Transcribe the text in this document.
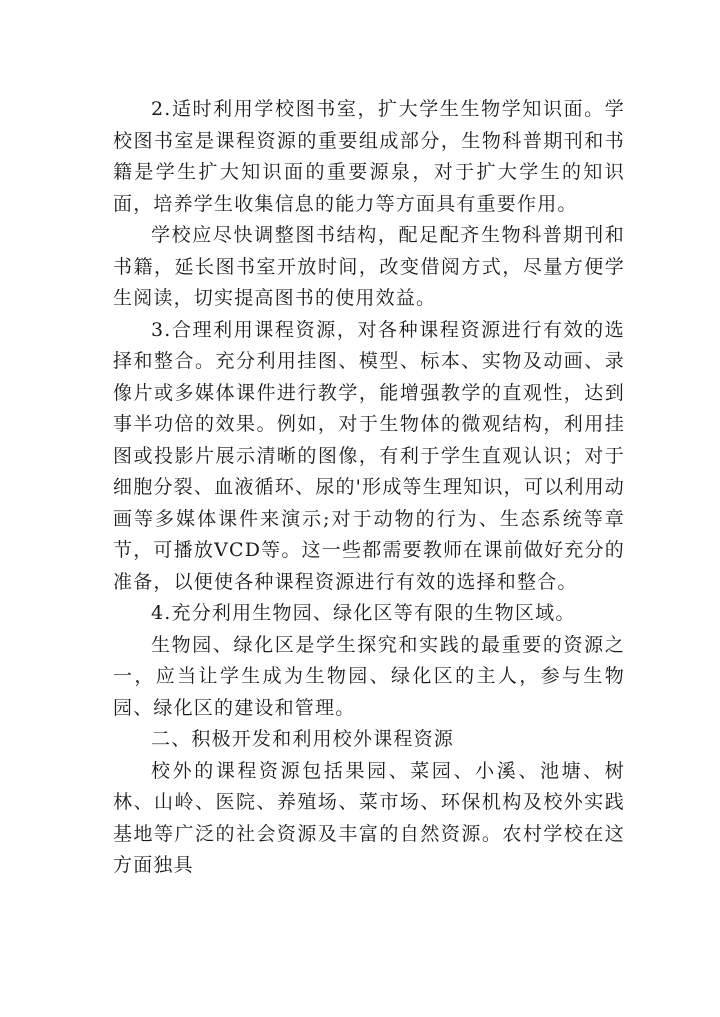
2.适时利用学校图书室，扩大学生生物学知识面。学校图书室是课程资源的重要组成部分，生物科普期刊和书籍是学生扩大知识面的重要源泉，对于扩大学生的知识面，培养学生收集信息的能力等方面具有重要作用。

学校应尽快调整图书结构，配足配齐生物科普期刊和书籍，延长图书室开放时间，改变借阅方式，尽量方便学生阅读，切实提高图书的使用效益。

3.合理利用课程资源，对各种课程资源进行有效的选择和整合。充分利用挂图、模型、标本、实物及动画、录像片或多媒体课件进行教学，能增强教学的直观性，达到事半功倍的效果。例如，对于生物体的微观结构，利用挂图或投影片展示清晰的图像，有利于学生直观认识；对于细胞分裂、血液循环、尿的'形成等生理知识，可以利用动画等多媒体课件来演示;对于动物的行为、生态系统等章节，可播放VCD等。这一些都需要教师在课前做好充分的准备，以便使各种课程资源进行有效的选择和整合。

4.充分利用生物园、绿化区等有限的生物区域。

生物园、绿化区是学生探究和实践的最重要的资源之一，应当让学生成为生物园、绿化区的主人，参与生物园、绿化区的建设和管理。

二、积极开发和利用校外课程资源

校外的课程资源包括果园、菜园、小溪、池塘、树林、山岭、医院、养殖场、菜市场、环保机构及校外实践基地等广泛的社会资源及丰富的自然资源。农村学校在这方面独具
